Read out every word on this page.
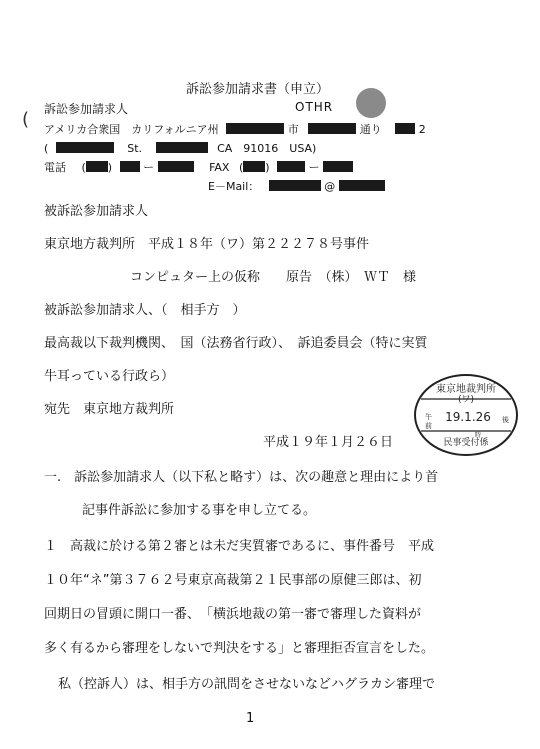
訴訟参加請求書（申立）
( 訴訟参加請求人	OTHR
アメリカ合衆国　カリフォルニア州	市	通り	2
(	St.	CA　91016　USA)
電話 ( )	ー	FAX ( )	ー
E－Mail：	@
被訴訟参加請求人
東京地方裁判所　平成１８年（ワ）第２２２７８号事件
コンピュター上の仮称　　原告　（株）　ＷＴ　様
被訴訟参加請求人、（　相手方　）
最高裁以下裁判機関、　国（法務省行政）、　訴追委員会（特に実質
牛耳っている行政ら）
宛先　東京地方裁判所
東京地裁判所
(ワ)
午
前
19.1.26 後
時
民事受付係
平成１９年１月２６日
一.　訴訟参加請求人（以下私と略す）は、次の趣意と理由により首
記事件訴訟に参加する事を申し立てる。
１　高裁に於ける第２審とは未だ実質審であるに、事件番号　平成
１０年“ネ”第３７６２号東京高裁第２１民事部の原健三郎は、初
回期日の冒頭に開口一番、　「横浜地裁の第一審で審理した資料が
多く有るから審理をしないで判決をする」と審理拒否宣言をした。
私（控訴人）は、相手方の訊問をさせないなどハグラカシ審理で
1
